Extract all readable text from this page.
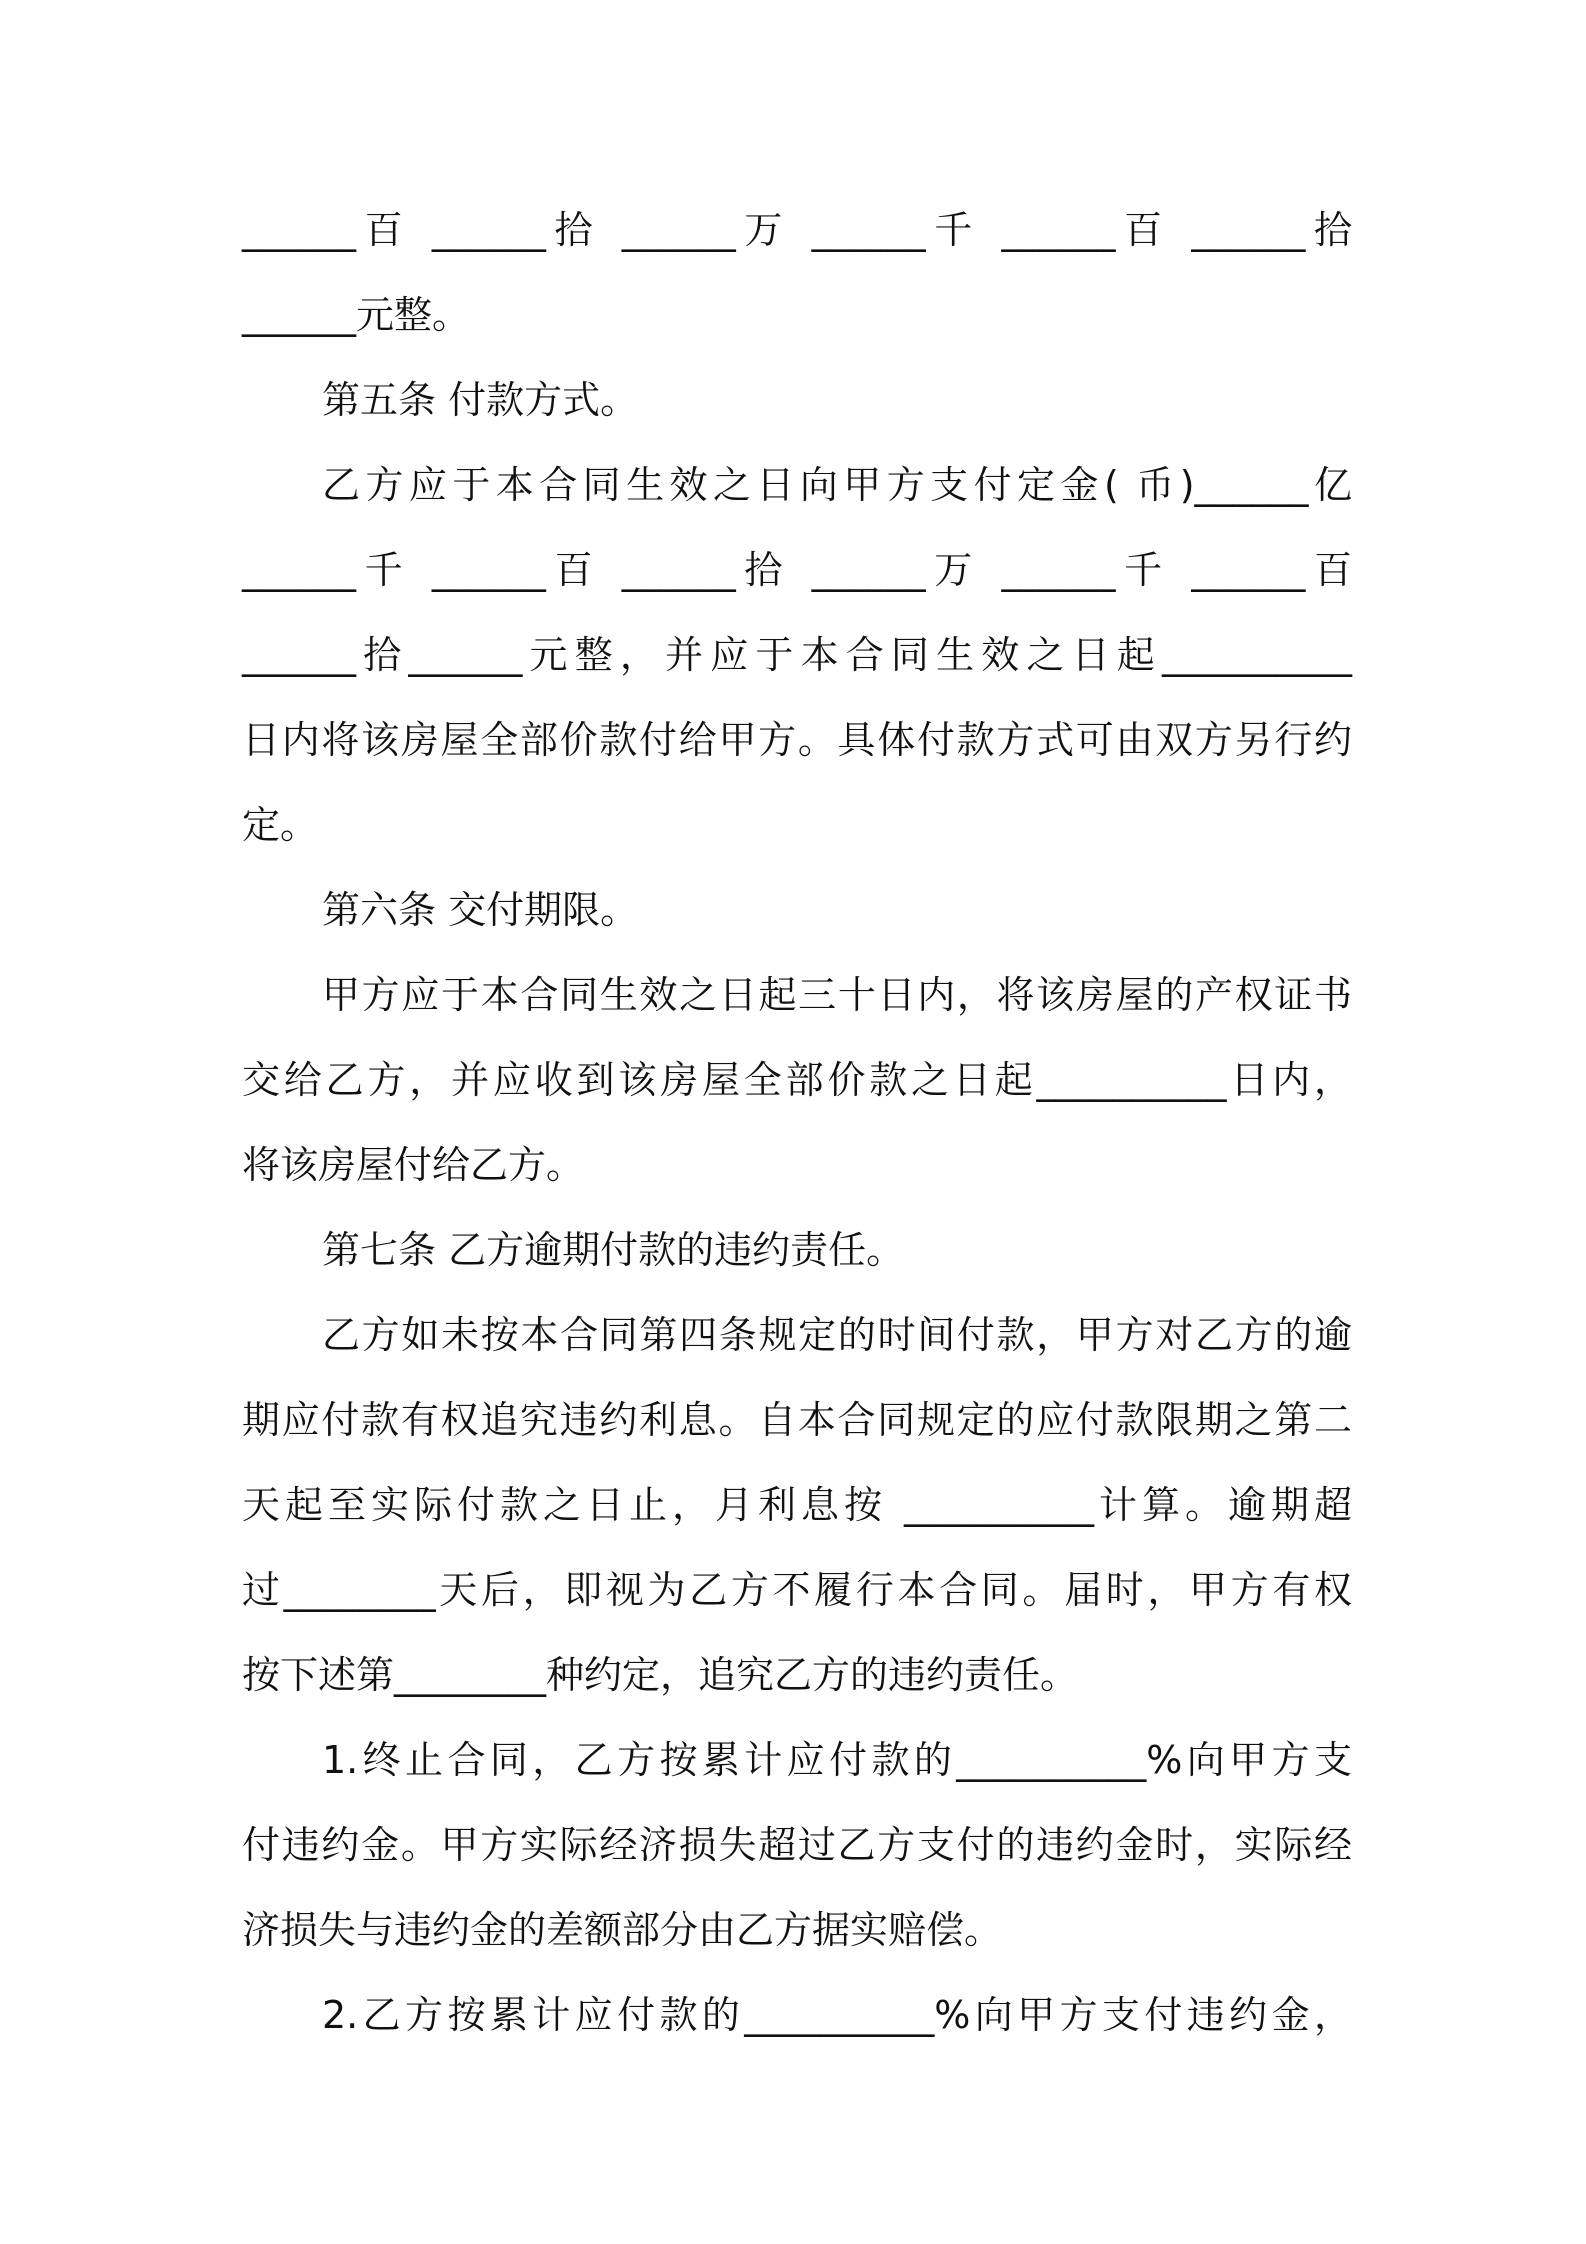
______百 ______拾 ______万 ______千 ______百 ______拾
______元整。
第五条 付款方式。
乙方应于本合同生效之日向甲方支付定金( 币)______亿
______千 ______百 ______拾 ______万 ______千 ______百
______拾______元整，并应于本合同生效之日起__________
日内将该房屋全部价款付给甲方。具体付款方式可由双方另行约
定。
第六条 交付期限。
甲方应于本合同生效之日起三十日内，将该房屋的产权证书
交给乙方，并应收到该房屋全部价款之日起__________日内，
将该房屋付给乙方。
第七条 乙方逾期付款的违约责任。
乙方如未按本合同第四条规定的时间付款，甲方对乙方的逾
期应付款有权追究违约利息。自本合同规定的应付款限期之第二
天起至实际付款之日止，月利息按 __________计算。逾期超
过________天后，即视为乙方不履行本合同。届时，甲方有权
按下述第________种约定，追究乙方的违约责任。
1.终止合同，乙方按累计应付款的__________%向甲方支
付违约金。甲方实际经济损失超过乙方支付的违约金时，实际经
济损失与违约金的差额部分由乙方据实赔偿。
2.乙方按累计应付款的__________%向甲方支付违约金，
